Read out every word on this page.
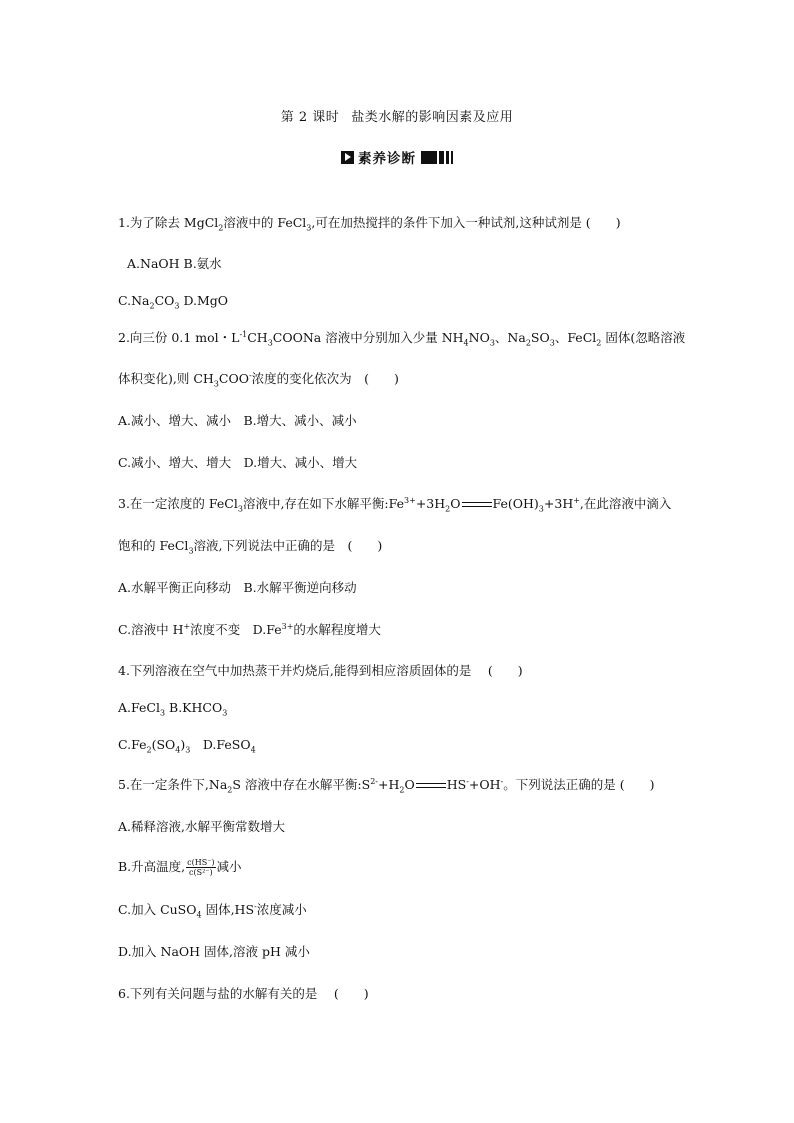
第 2 课时 盐类水解的影响因素及应用
素养诊断
1.为了除去 MgCl$_2$溶液中的 FeCl$_3$,可在加热搅拌的条件下加入一种试剂,这种试剂是 (　　)
A.NaOH B.氨水
$C.Na_2CO_3$ D.MgO
2.向三份 0.1 mol・$L^{-1}CH_3COONa$ 溶液中分别加入少量 $NH_4NO_3$、$Na_2SO_3$、FeCl$_2$ 固体(忽略溶液
体积变化),则 $CH_3COO^-$浓度的变化依次为　(　　)
A.减小、增大、减小　B.增大、减小、减小
C.减小、增大、增大　D.增大、减小、增大
3.在一定浓度的 FeCl$_3$溶液中,存在如下水解平衡$:Fe^{3+}+3H_2O$	$Fe(OH)_3+3H^+$,在此溶液中滴入
饱和的 FeCl$_3$溶液,下列说法中正确的是　(　　)
A.水解平衡正向移动　B.水解平衡逆向移动
C.溶液中 H+浓度不变　$D.Fe^{3+}$的水解程度增大
4.下列溶液在空气中加热蒸干并灼烧后,能得到相应溶质固体的是　 (　　)
A.FeCl$_3$ $B.KHCO_3$
$C.Fe_2(SO_4)_3$　D.FeSO$_4$
5.在一定条件下$,Na_2S$ 溶液中存在水解平衡$:S^{2-}+H_2O$	HS-+OH-。下列说法正确的是 (　　)
A.稀释溶液,水解平衡常数增大
B.升高温度, $\frac{c(HS^-)}{\text{c(S²⁻)}}$ 减小
C.加入 CuSO$_4$ 固体,HS-浓度减小
D.加入 NaOH 固体,溶液 pH 减小
6.下列有关问题与盐的水解有关的是　 (　　)
